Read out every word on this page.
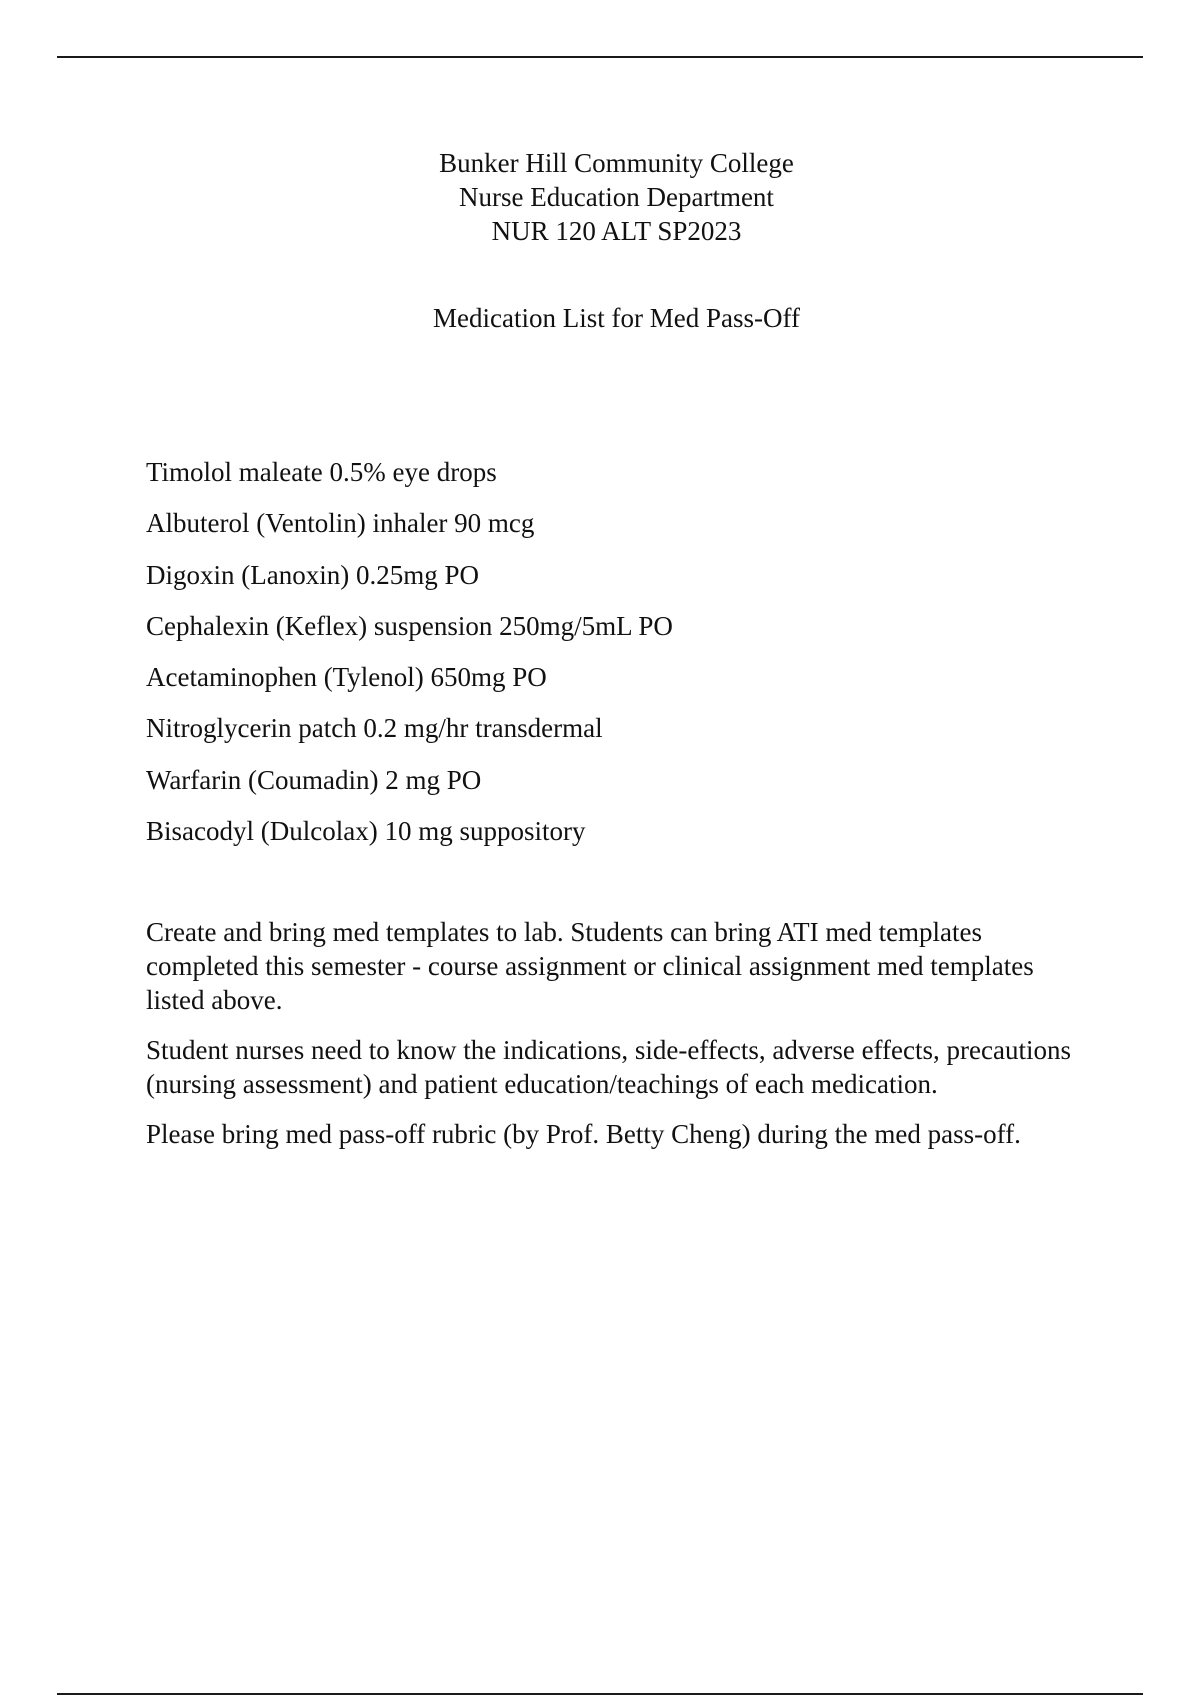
Bunker Hill Community College
Nurse Education Department
NUR 120 ALT SP2023
Medication List for Med Pass-Off
Timolol maleate 0.5% eye drops
Albuterol (Ventolin) inhaler 90 mcg
Digoxin (Lanoxin) 0.25mg PO
Cephalexin (Keflex) suspension 250mg/5mL PO
Acetaminophen (Tylenol) 650mg PO
Nitroglycerin patch 0.2 mg/hr transdermal
Warfarin (Coumadin) 2 mg PO
Bisacodyl (Dulcolax) 10 mg suppository

Create and bring med templates to lab. Students can bring ATI med templates completed this semester - course assignment or clinical assignment med templates listed above.

Student nurses need to know the indications, side-effects, adverse effects, precautions (nursing assessment) and patient education/teachings of each medication.

Please bring med pass-off rubric (by Prof. Betty Cheng) during the med pass-off.
